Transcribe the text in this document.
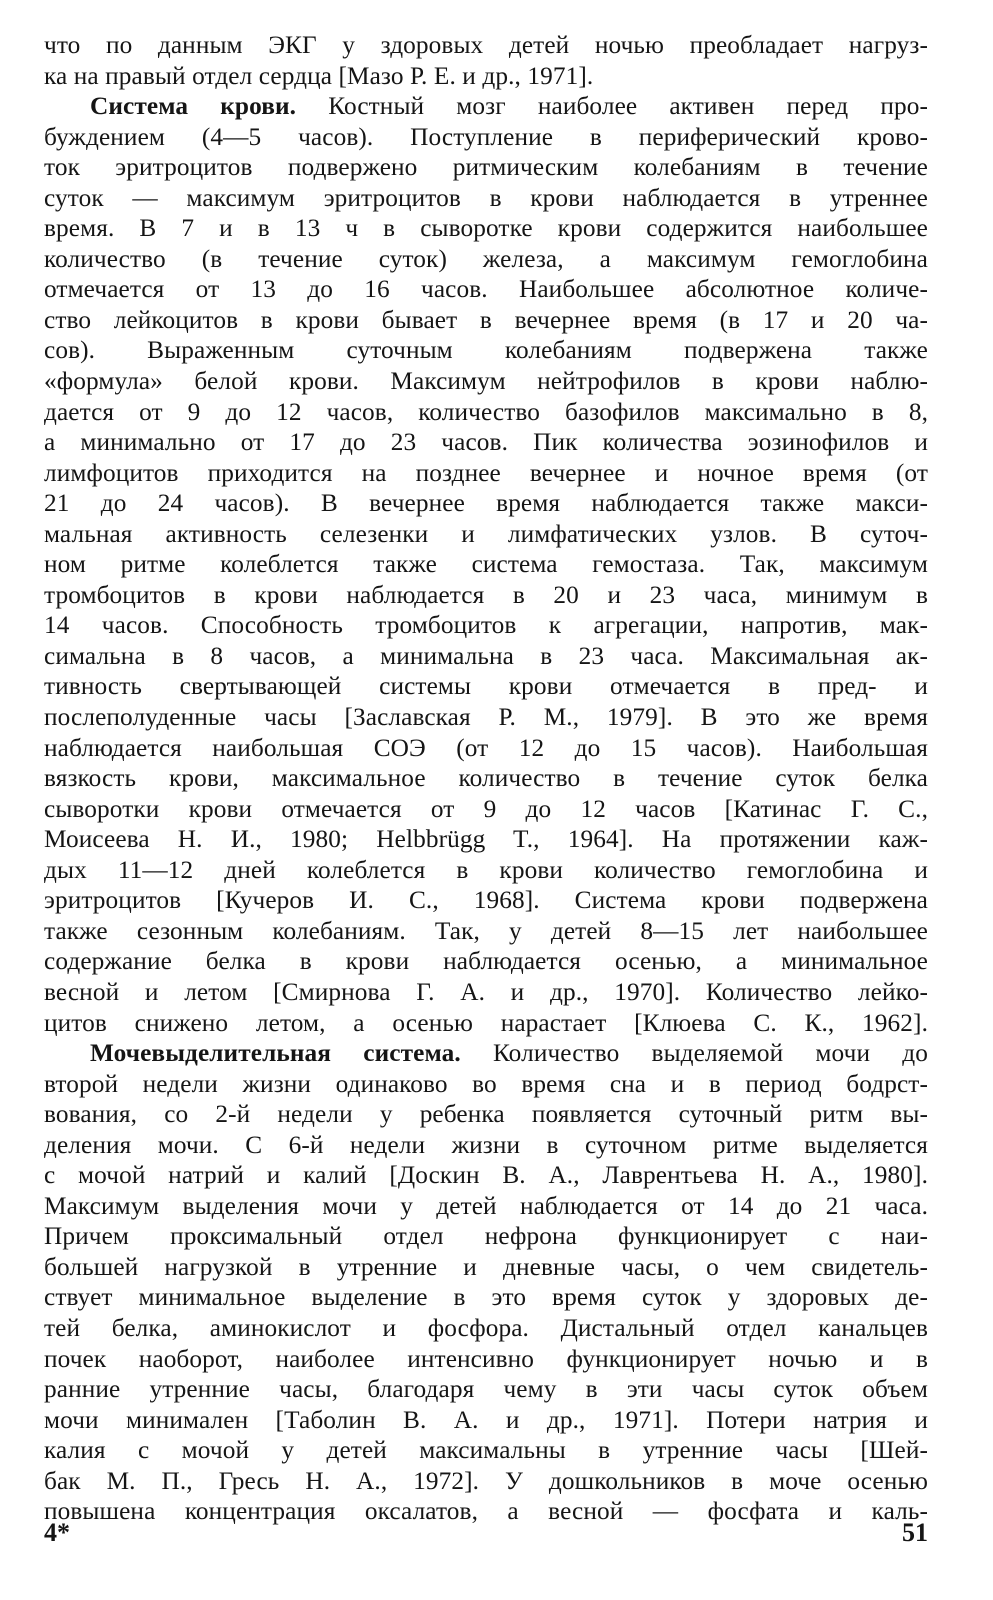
что по данным ЭКГ у здоровых детей ночью преобладает нагруз-
ка на правый отдел сердца [Мазо Р. Е. и др., 1971].

Система крови. Костный мозг наиболее активен перед про-
буждением (4—5 часов). Поступление в периферический крово-
ток эритроцитов подвержено ритмическим колебаниям в течение
суток — максимум эритроцитов в крови наблюдается в утреннее
время. В 7 и в 13 ч в сыворотке крови содержится наибольшее
количество (в течение суток) железа, а максимум гемоглобина
отмечается от 13 до 16 часов. Наибольшее абсолютное количе-
ство лейкоцитов в крови бывает в вечернее время (в 17 и 20 ча-
сов). Выраженным суточным колебаниям подвержена также
«формула» белой крови. Максимум нейтрофилов в крови наблю-
дается от 9 до 12 часов, количество базофилов максимально в 8,
а минимально от 17 до 23 часов. Пик количества эозинофилов и
лимфоцитов приходится на позднее вечернее и ночное время (от
21 до 24 часов). В вечернее время наблюдается также макси-
мальная активность селезенки и лимфатических узлов. В суточ-
ном ритме колеблется также система гемостаза. Так, максимум
тромбоцитов в крови наблюдается в 20 и 23 часа, минимум в
14 часов. Способность тромбоцитов к агрегации, напротив, мак-
симальна в 8 часов, а минимальна в 23 часа. Максимальная ак-
тивность свертывающей системы крови отмечается в пред- и
послеполуденные часы [Заславская Р. М., 1979]. В это же время
наблюдается наибольшая СОЭ (от 12 до 15 часов). Наибольшая
вязкость крови, максимальное количество в течение суток белка
сыворотки крови отмечается от 9 до 12 часов [Катинас Г. С.,
Моисеева Н. И., 1980; Helbbrügg T., 1964]. На протяжении каж-
дых 11—12 дней колеблется в крови количество гемоглобина и
эритроцитов [Кучеров И. С., 1968]. Система крови подвержена
также сезонным колебаниям. Так, у детей 8—15 лет наибольшее
содержание белка в крови наблюдается осенью, а минимальное
весной и летом [Смирнова Г. А. и др., 1970]. Количество лейко-
цитов снижено летом, а осенью нарастает [Клюева С. К., 1962].

Мочевыделительная система. Количество выделяемой мочи до
второй недели жизни одинаково во время сна и в период бодрст-
вования, со 2-й недели у ребенка появляется суточный ритм вы-
деления мочи. С 6-й недели жизни в суточном ритме выделяется
с мочой натрий и калий [Доскин В. А., Лаврентьева Н. А., 1980].
Максимум выделения мочи у детей наблюдается от 14 до 21 часа.
Причем проксимальный отдел нефрона функционирует с наи-
большей нагрузкой в утренние и дневные часы, о чем свидетель-
ствует минимальное выделение в это время суток у здоровых де-
тей белка, аминокислот и фосфора. Дистальный отдел канальцев
почек наоборот, наиболее интенсивно функционирует ночью и в
ранние утренние часы, благодаря чему в эти часы суток объем
мочи минимален [Таболин В. А. и др., 1971]. Потери натрия и
калия с мочой у детей максимальны в утренние часы [Шей-
бак М. П., Гресь Н. А., 1972]. У дошкольников в моче осенью
повышена концентрация оксалатов, а весной — фосфата и каль-

4*	51
